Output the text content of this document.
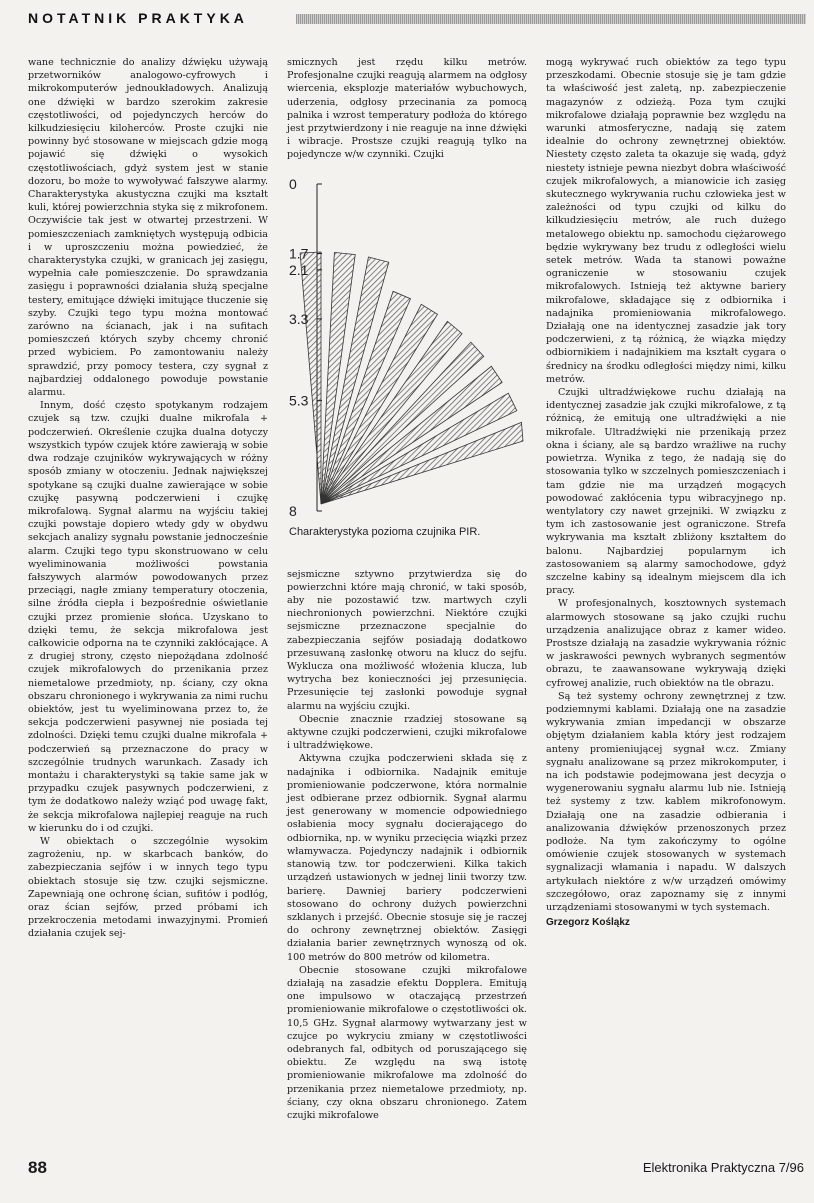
NOTATNIK PRAKTYKA

wane technicznie do analizy dźwięku używają przetworników analogowo-cyfrowych i mikrokomputerów jednoukładowych. Analizują one dźwięki w bardzo szerokim zakresie częstotliwości, od pojedynczych herców do kilkudziesięciu kiloherców. Proste czujki nie powinny być stosowane w miejscach gdzie mogą pojawić się dźwięki o wysokich częstotliwościach, gdyż system jest w stanie dozoru, bo może to wywoływać fałszywe alarmy. Charakterystyka akustyczna czujki ma kształt kuli, której powierzchnia styka się z mikrofonem. Oczywiście tak jest w otwartej przestrzeni. W pomieszczeniach zamkniętych występują odbicia i w uproszczeniu można powiedzieć, że charakterystyka czujki, w granicach jej zasięgu, wypełnia całe pomieszczenie. Do sprawdzania zasięgu i poprawności działania służą specjalne testery, emitujące dźwięki imitujące tłuczenie się szyby. Czujki tego typu można montować zarówno na ścianach, jak i na sufitach pomieszczeń których szyby chcemy chronić przed wybiciem. Po zamontowaniu należy sprawdzić, przy pomocy testera, czy sygnał z najbardziej oddalonego powoduje powstanie alarmu.

Innym, dość często spotykanym rodzajem czujek są tzw. czujki dualne mikrofala + podczerwień. Określenie czujka dualna dotyczy wszystkich typów czujek które zawierają w sobie dwa rodzaje czujników wykrywających w różny sposób zmiany w otoczeniu. Jednak największej spotykane są czujki dualne zawierające w sobie czujkę pasywną podczerwieni i czujkę mikrofalową. Sygnał alarmu na wyjściu takiej czujki powstaje dopiero wtedy gdy w obydwu sekcjach analizy sygnału powstanie jednocześnie alarm. Czujki tego typu skonstruowano w celu wyeliminowania możliwości powstania fałszywych alarmów powodowanych przez przeciągi, nagłe zmiany temperatury otoczenia, silne źródła ciepła i bezpośrednie oświetlanie czujki przez promienie słońca. Uzyskano to dzięki temu, że sekcja mikrofalowa jest całkowicie odporna na te czynniki zakłócające. A z drugiej strony, często niepożądana zdolność czujek mikrofalowych do przenikania przez niemetalowe przedmioty, np. ściany, czy okna obszaru chronionego i wykrywania za nimi ruchu obiektów, jest tu wyeliminowana przez to, że sekcja podczerwieni pasywnej nie posiada tej zdolności. Dzięki temu czujki dualne mikrofala + podczerwień są przeznaczone do pracy w szczególnie trudnych warunkach. Zasady ich montażu i charakterystyki są takie same jak w przypadku czujek pasywnych podczerwieni, z tym że dodatkowo należy wziąć pod uwagę fakt, że sekcja mikrofalowa najlepiej reaguje na ruch w kierunku do i od czujki.

W obiektach o szczególnie wysokim zagrożeniu, np. w skarbcach banków, do zabezpieczania sejfów i w innych tego typu obiektach stosuje się tzw. czujki sejsmiczne. Zapewniają one ochronę ścian, sufitów i podłóg, oraz ścian sejfów, przed próbami ich przekroczenia metodami inwazyjnymi. Promień działania czujek sej-

smicznych jest rzędu kilku metrów. Profesjonalne czujki reagują alarmem na odgłosy wiercenia, eksplozje materiałów wybuchowych, uderzenia, odgłosy przecinania za pomocą palnika i wzrost temperatury podłoża do którego jest przytwierdzony i nie reaguje na inne dźwięki i wibracje. Prostsze czujki reagują tylko na pojedyncze w/w czynniki. Czujki

0
1.7
2.1
3.3
5.3
8
Charakterystyka pozioma czujnika PIR.

sejsmiczne sztywno przytwierdza się do powierzchni które mają chronić, w taki sposób, aby nie pozostawić tzw. martwych czyli niechronionych powierzchni. Niektóre czujki sejsmiczne przeznaczone specjalnie do zabezpieczania sejfów posiadają dodatkowo przesuwaną zasłonkę otworu na klucz do sejfu. Wyklucza ona możliwość włożenia klucza, lub wytrycha bez konieczności jej przesunięcia. Przesunięcie tej zasłonki powoduje sygnał alarmu na wyjściu czujki.

Obecnie znacznie rzadziej stosowane są aktywne czujki podczerwieni, czujki mikrofalowe i ultradźwiękowe.

Aktywna czujka podczerwieni składa się z nadajnika i odbiornika. Nadajnik emituje promieniowanie podczerwone, która normalnie jest odbierane przez odbiornik. Sygnał alarmu jest generowany w momencie odpowiedniego osłabienia mocy sygnału docierającego do odbiornika, np. w wyniku przecięcia wiązki przez włamywacza. Pojedynczy nadajnik i odbiornik stanowią tzw. tor podczerwieni. Kilka takich urządzeń ustawionych w jednej linii tworzy tzw. barierę. Dawniej bariery podczerwieni stosowano do ochrony dużych powierzchni szklanych i przejść. Obecnie stosuje się je raczej do ochrony zewnętrznej obiektów. Zasięgi działania barier zewnętrznych wynoszą od ok. 100 metrów do 800 metrów od kilometra.

Obecnie stosowane czujki mikrofalowe działają na zasadzie efektu Dopplera. Emitują one impulsowo w otaczającą przestrzeń promieniowanie mikrofalowe o częstotliwości ok. 10,5 GHz. Sygnał alarmowy wytwarzany jest w czujce po wykryciu zmiany w częstotliwości odebranych fal, odbitych od poruszającego się obiektu. Ze względu na swą istotę promieniowanie mikrofalowe ma zdolność do przenikania przez niemetalowe przedmioty, np. ściany, czy okna obszaru chronionego. Zatem czujki mikrofalowe

mogą wykrywać ruch obiektów za tego typu przeszkodami. Obecnie stosuje się je tam gdzie ta właściwość jest zaletą, np. zabezpieczenie magazynów z odzieżą. Poza tym czujki mikrofalowe działają poprawnie bez względu na warunki atmosferyczne, nadają się zatem idealnie do ochrony zewnętrznej obiektów. Niestety często zaleta ta okazuje się wadą, gdyż niestety istnieje pewna niezbyt dobra właściwość czujek mikrofalowych, a mianowicie ich zasięg skutecznego wykrywania ruchu człowieka jest w zależności od typu czujki od kilku do kilkudziesięciu metrów, ale ruch dużego metalowego obiektu np. samochodu ciężarowego będzie wykrywany bez trudu z odległości wielu setek metrów. Wada ta stanowi poważne ograniczenie w stosowaniu czujek mikrofalowych. Istnieją też aktywne bariery mikrofalowe, składające się z odbiornika i nadajnika promieniowania mikrofalowego. Działają one na identycznej zasadzie jak tory podczerwieni, z tą różnicą, że wiązka między odbiornikiem i nadajnikiem ma kształt cygara o średnicy na środku odległości między nimi, kilku metrów.

Czujki ultradźwiękowe ruchu działają na identycznej zasadzie jak czujki mikrofalowe, z tą różnicą, że emitują one ultradźwięki a nie mikrofale. Ultradźwięki nie przenikają przez okna i ściany, ale są bardzo wrażliwe na ruchy powietrza. Wynika z tego, że nadają się do stosowania tylko w szczelnych pomieszczeniach i tam gdzie nie ma urządzeń mogących powodować zakłócenia typu wibracyjnego np. wentylatory czy nawet grzejniki. W związku z tym ich zastosowanie jest ograniczone. Strefa wykrywania ma kształt zbliżony kształtem do balonu. Najbardziej popularnym ich zastosowaniem są alarmy samochodowe, gdyż szczelne kabiny są idealnym miejscem dla ich pracy.

W profesjonalnych, kosztownych systemach alarmowych stosowane są jako czujki ruchu urządzenia analizujące obraz z kamer wideo. Prostsze działają na zasadzie wykrywania różnic w jaskrawości pewnych wybranych segmentów obrazu, te zaawansowane wykrywają dzięki cyfrowej analizie, ruch obiektów na tle obrazu.

Są też systemy ochrony zewnętrznej z tzw. podziemnymi kablami. Działają one na zasadzie wykrywania zmian impedancji w obszarze objętym działaniem kabla który jest rodzajem anteny promieniującej sygnał w.cz. Zmiany sygnału analizowane są przez mikrokomputer, i na ich podstawie podejmowana jest decyzja o wygenerowaniu sygnału alarmu lub nie. Istnieją też systemy z tzw. kablem mikrofonowym. Działają one na zasadzie odbierania i analizowania dźwięków przenoszonych przez podłoże. Na tym zakończymy to ogólne omówienie czujek stosowanych w systemach sygnalizacji włamania i napadu. W dalszych artykułach niektóre z w/w urządzeń omówimy szczegółowo, oraz zapoznamy się z innymi urządzeniami stosowanymi w tych systemach.

Grzegorz Kośląkz
88	Elektronika Praktyczna 7/96
